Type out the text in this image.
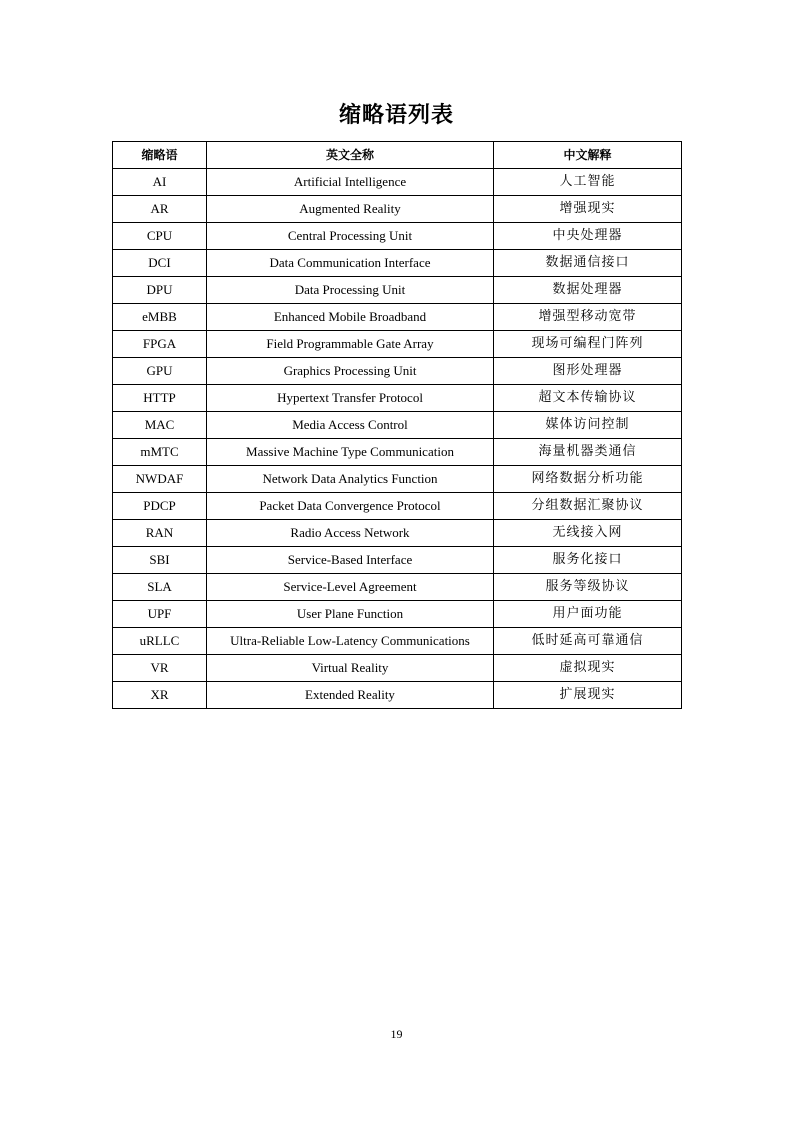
缩略语列表
缩略语	英文全称	中文解释
AI	Artificial Intelligence	人工智能
AR	Augmented Reality	增强现实
CPU	Central Processing Unit	中央处理器
DCI	Data Communication Interface	数据通信接口
DPU	Data Processing Unit	数据处理器
eMBB	Enhanced Mobile Broadband	增强型移动宽带
FPGA	Field Programmable Gate Array	现场可编程门阵列
GPU	Graphics Processing Unit	图形处理器
HTTP	Hypertext Transfer Protocol	超文本传输协议
MAC	Media Access Control	媒体访问控制
mMTC	Massive Machine Type Communication	海量机器类通信
NWDAF	Network Data Analytics Function	网络数据分析功能
PDCP	Packet Data Convergence Protocol	分组数据汇聚协议
RAN	Radio Access Network	无线接入网
SBI	Service-Based Interface	服务化接口
SLA	Service-Level Agreement	服务等级协议
UPF	User Plane Function	用户面功能
uRLLC	Ultra-Reliable Low-Latency Communications	低时延高可靠通信
VR	Virtual Reality	虚拟现实
XR	Extended Reality	扩展现实
19
